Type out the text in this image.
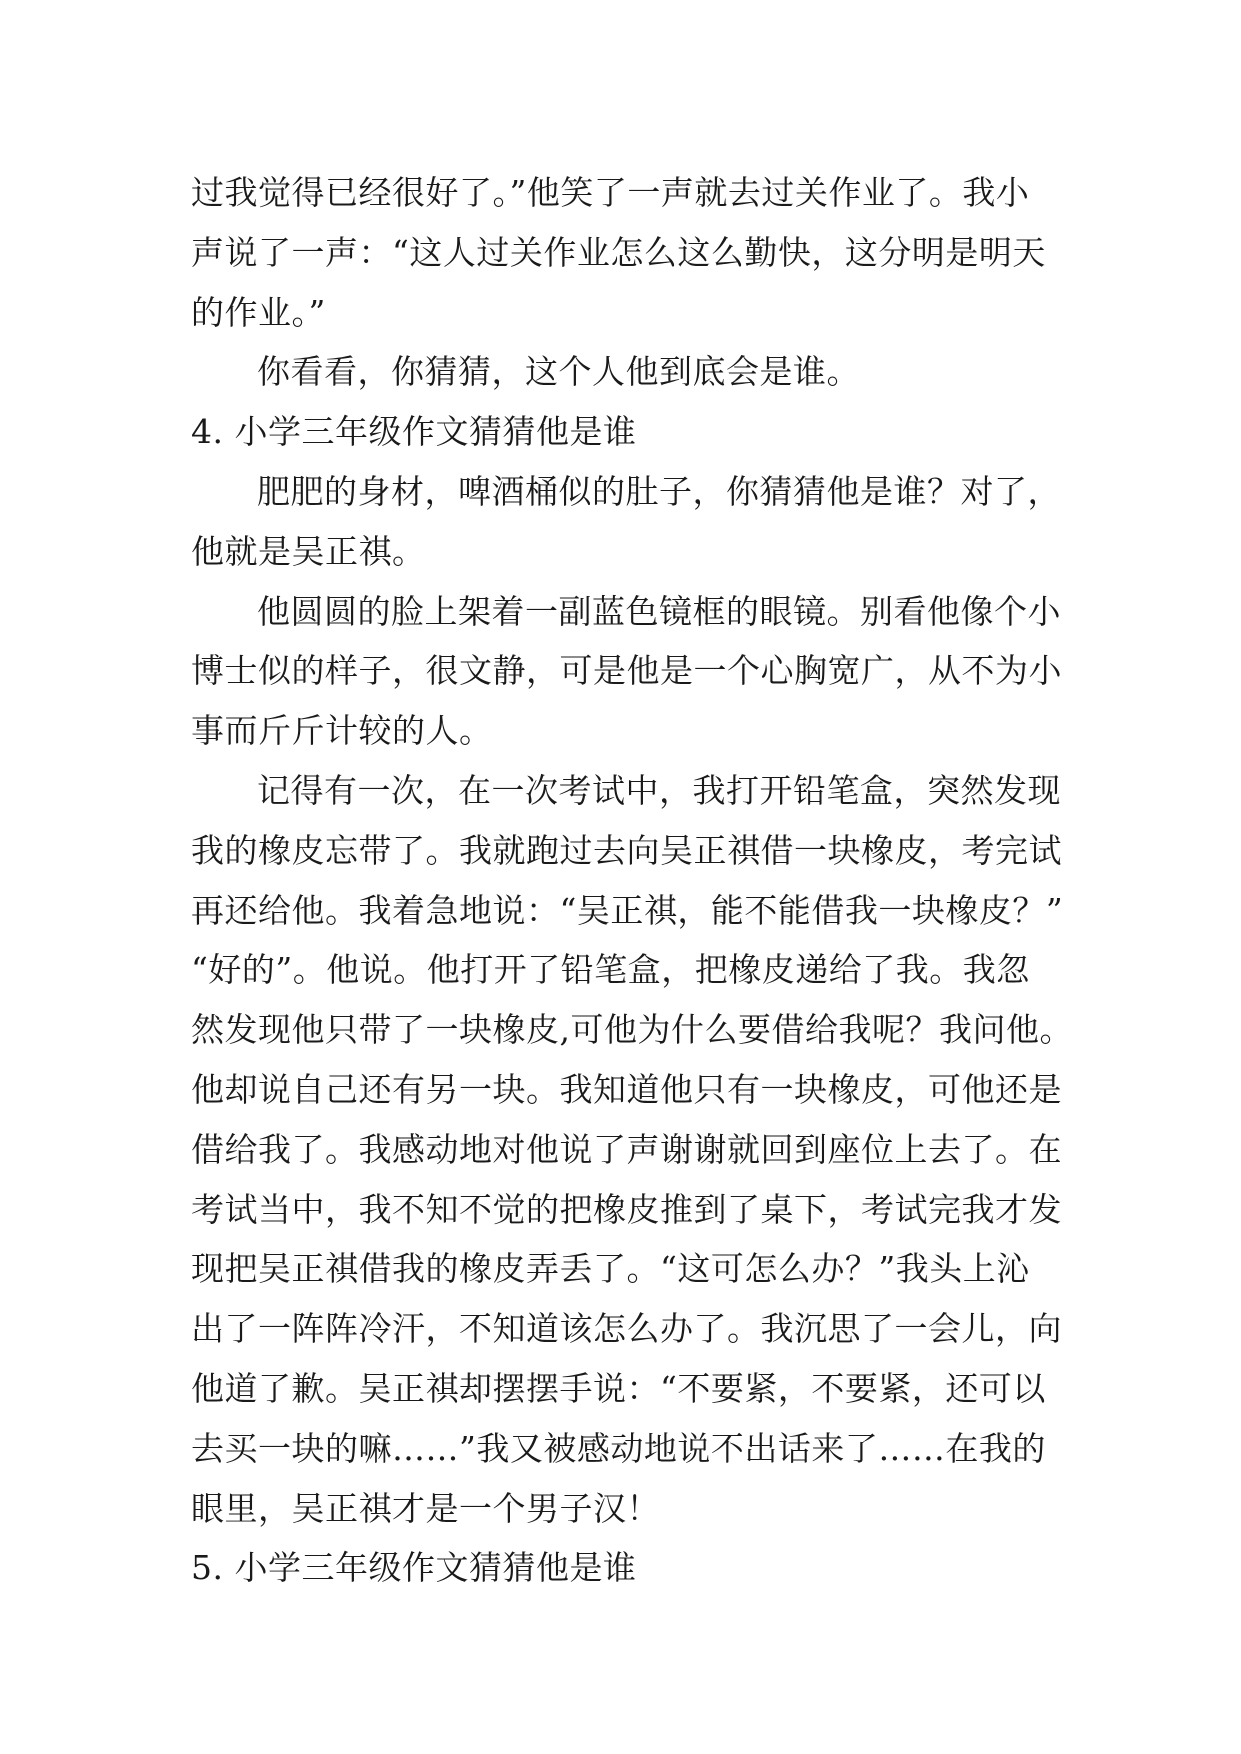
过我觉得已经很好了。”他笑了一声就去过关作业了。我小
声说了一声：“这人过关作业怎么这么勤快，这分明是明天
的作业。”
你看看，你猜猜，这个人他到底会是谁。
4. 小学三年级作文猜猜他是谁
肥肥的身材，啤酒桶似的肚子，你猜猜他是谁？对了，
他就是吴正祺。
他圆圆的脸上架着一副蓝色镜框的眼镜。别看他像个小
博士似的样子，很文静，可是他是一个心胸宽广，从不为小
事而斤斤计较的人。
记得有一次，在一次考试中，我打开铅笔盒，突然发现
我的橡皮忘带了。我就跑过去向吴正祺借一块橡皮，考完试
再还给他。我着急地说：“吴正祺，能不能借我一块橡皮？”
“好的”。他说。他打开了铅笔盒，把橡皮递给了我。我忽
然发现他只带了一块橡皮,可他为什么要借给我呢？我问他。
他却说自己还有另一块。我知道他只有一块橡皮，可他还是
借给我了。我感动地对他说了声谢谢就回到座位上去了。在
考试当中，我不知不觉的把橡皮推到了桌下，考试完我才发
现把吴正祺借我的橡皮弄丢了。“这可怎么办？”我头上沁
出了一阵阵冷汗，不知道该怎么办了。我沉思了一会儿，向
他道了歉。吴正祺却摆摆手说：“不要紧，不要紧，还可以
去买一块的嘛……”我又被感动地说不出话来了……在我的
眼里，吴正祺才是一个男子汉！
5. 小学三年级作文猜猜他是谁
